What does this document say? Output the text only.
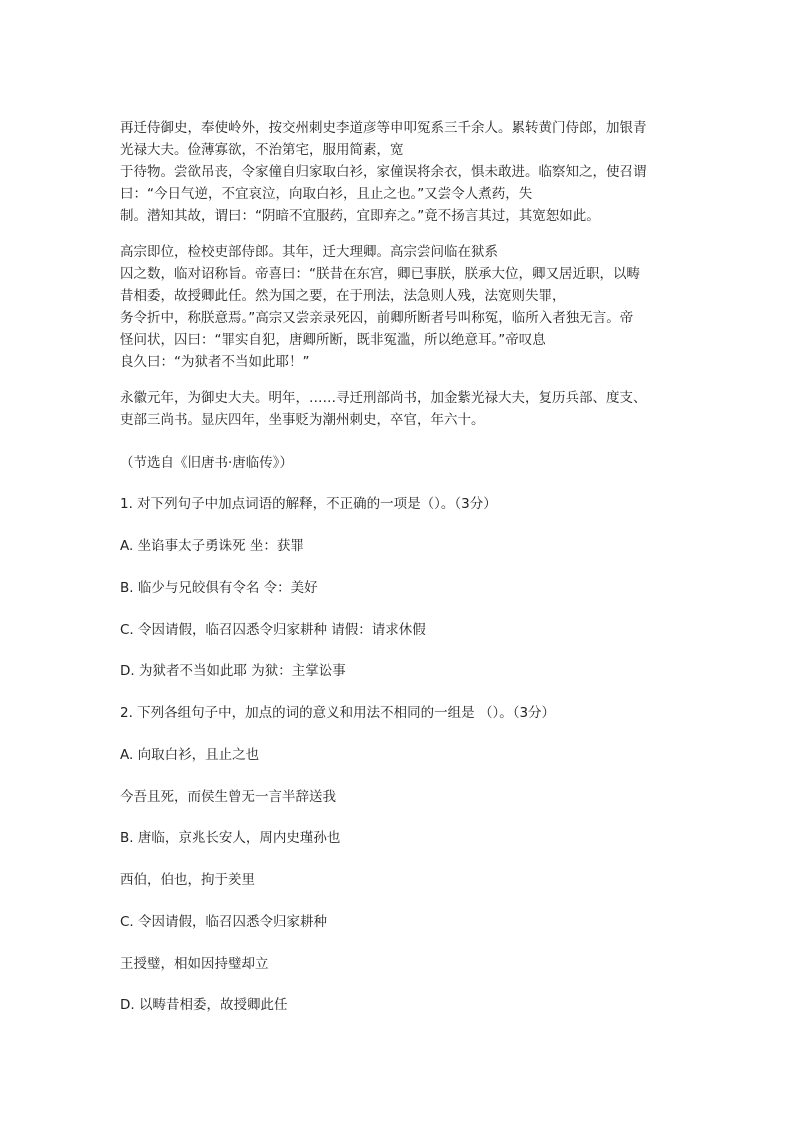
再迁侍御史，奉使岭外，按交州刺史李道彦等申叩冤系三千余人。累转黄门侍郎，加银青
光禄大夫。俭薄寡欲，不治第宅，服用简素，宽
于待物。尝欲吊丧，令家僮自归家取白衫，家僮误将余衣，惧未敢进。临察知之，使召谓
曰：“今日气逆，不宜哀泣，向取白衫，且止之也。”又尝令人煮药，失
制。潜知其故，谓曰：“阴暗不宜服药，宜即弃之。”竟不扬言其过，其宽恕如此。
高宗即位，检校吏部侍郎。其年，迁大理卿。高宗尝问临在狱系
囚之数，临对诏称旨。帝喜曰：“朕昔在东宫，卿已事朕，朕承大位，卿又居近职，以畴
昔相委，故授卿此任。然为国之要，在于刑法，法急则人残，法宽则失罪，
务令折中，称朕意焉。”高宗又尝亲录死囚，前卿所断者号叫称冤，临所入者独无言。帝
怪问状，囚曰：“罪实自犯，唐卿所断，既非冤滥，所以绝意耳。”帝叹息
良久曰：“为狱者不当如此耶！”
永徽元年，为御史大夫。明年，……寻迁刑部尚书，加金紫光禄大夫，复历兵部、度支、
吏部三尚书。显庆四年，坐事贬为潮州刺史，卒官，年六十。
（节选自《旧唐书·唐临传》）
1. 对下列句子中加点词语的解释，不正确的一项是（）。（3分）
A. 坐谄事太子勇诛死 坐：获罪
B. 临少与兄皎俱有令名 令：美好
C. 令因请假，临召囚悉令归家耕种 请假：请求休假
D. 为狱者不当如此耶 为狱：主掌讼事
2. 下列各组句子中，加点的词的意义和用法不相同的一组是 （）。（3分）
A. 向取白衫，且止之也
今吾且死，而侯生曾无一言半辞送我
B. 唐临，京兆长安人，周内史瑾孙也
西伯，伯也，拘于羑里
C. 令因请假，临召囚悉令归家耕种
王授璧，相如因持璧却立
D. 以畴昔相委，故授卿此任
